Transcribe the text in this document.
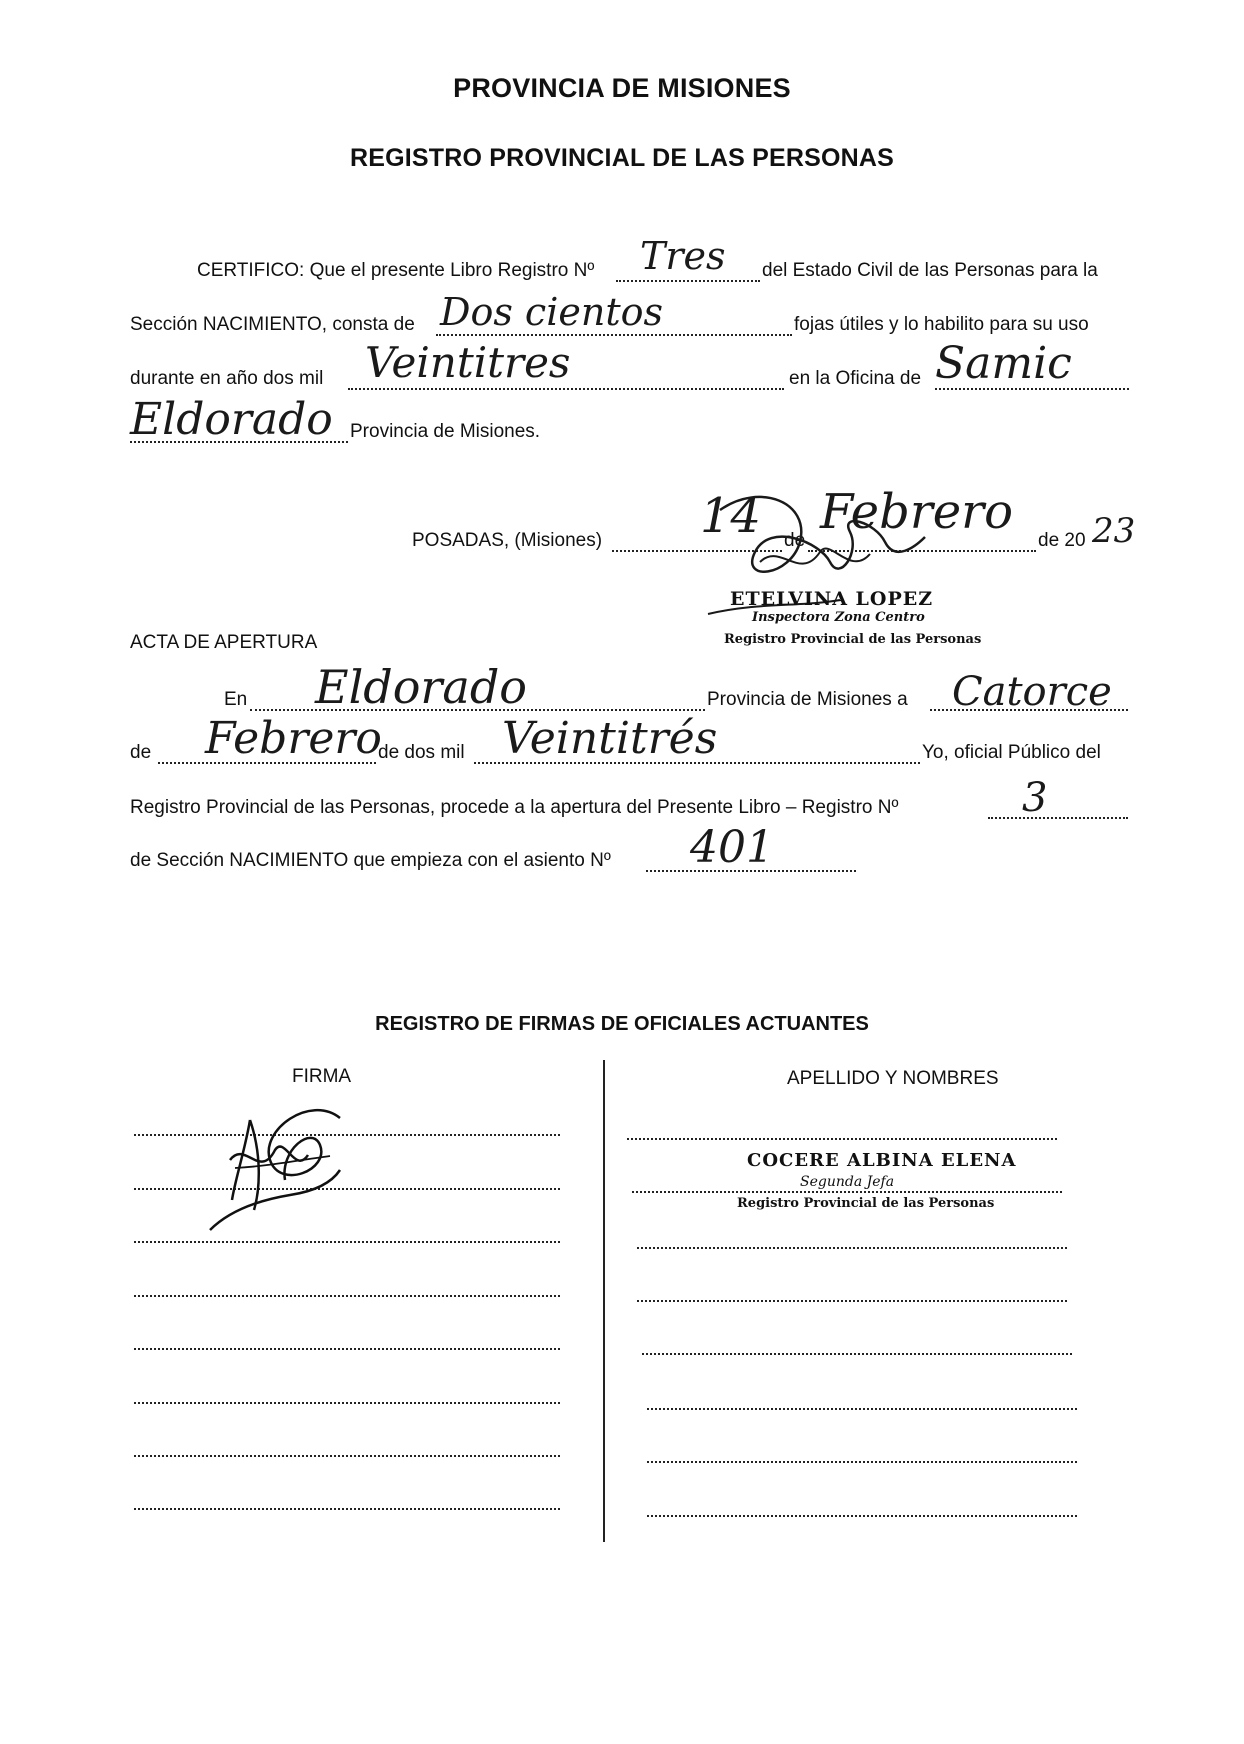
PROVINCIA DE MISIONES
REGISTRO PROVINCIAL DE LAS PERSONAS
CERTIFICO: Que el presente Libro Registro Nº Tres del Estado Civil de las Personas para la
Sección NACIMIENTO, consta de Dos cientos	fojas útiles y lo habilito para su uso
durante en año dos mil Veintitres	en la Oficina de Samic
Eldorado Provincia de Misiones.
POSADAS, (Misiones) 14 de
Febrero
de 20 23
ETELVINA LOPEZ
Inspectora Zona Centro
Registro Provincial de las Personas
ACTA DE APERTURA
En Eldorado	Provincia de Misiones a Catorce
de Febrero
de dos mil Veintitrés	Yo, oficial Público del
Registro Provincial de las Personas, procede a la apertura del Presente Libro – Registro Nº	3
de Sección NACIMIENTO que empieza con el asiento Nº 401
REGISTRO DE FIRMAS DE OFICIALES ACTUANTES
FIRMA	APELLIDO Y NOMBRES
COCERE ALBINA ELENA
Segunda Jefa
Registro Provincial de las Personas
